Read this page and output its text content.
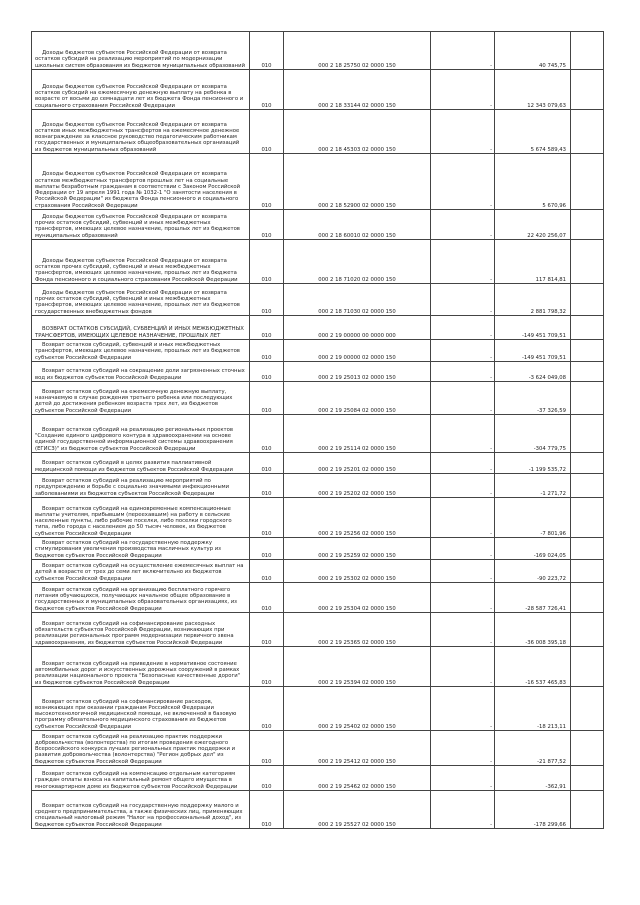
Доходы бюджетов субъектов Российской Федерации от возврата остатков субсидий на реализацию мероприятий по модернизации школьных систем образования из бюджетов муниципальных образований	010	000 2 18 25750 02 0000 150	-	40 745,75	
Доходы бюджетов субъектов Российской Федерации от возврата остатков субсидий на ежемесячную денежную выплату на ребенка в возрасте от восьми до семнадцати лет из бюджета Фонда пенсионного и социального страхования Российской Федерации	010	000 2 18 33144 02 0000 150	-	12 343 079,63	
Доходы бюджетов субъектов Российской Федерации от возврата остатков иных межбюджетных трансфертов на ежемесячное денежное вознаграждение за классное руководство педагогическим работникам государственных и муниципальных общеобразовательных организаций из бюджетов муниципальных образований	010	000 2 18 45303 02 0000 150	-	5 674 589,43	
Доходы бюджетов субъектов Российской Федерации от возврата остатков межбюджетных трансфертов прошлых лет на социальные выплаты безработным гражданам в соответствии с Законом Российской Федерации от 19 апреля 1991 года № 1032-1 "О занятости населения в Российской Федерации" из бюджета Фонда пенсионного и социального страхования Российской Федерации	010	000 2 18 52900 02 0000 150	-	5 670,96	
Доходы бюджетов субъектов Российской Федерации от возврата прочих остатков субсидий, субвенций и иных межбюджетных трансфертов, имеющих целевое назначение, прошлых лет из бюджетов муниципальных образований	010	000 2 18 60010 02 0000 150	-	22 420 256,07	
Доходы бюджетов субъектов Российской Федерации от возврата остатков прочих субсидий, субвенций и иных межбюджетных трансфертов, имеющих целевое назначение, прошлых лет из бюджета Фонда пенсионного и социального страхования Российской Федерации	010	000 2 18 71020 02 0000 150	-	117 814,81	
Доходы бюджетов субъектов Российской Федерации от возврата прочих остатков субсидий, субвенций и иных межбюджетных трансфертов, имеющих целевое назначение, прошлых лет из бюджетов государственных внебюджетных фондов	010	000 2 18 71030 02 0000 150	-	2 881 798,32	
ВОЗВРАТ ОСТАТКОВ СУБСИДИЙ, СУБВЕНЦИЙ И ИНЫХ МЕЖБЮДЖЕТНЫХ ТРАНСФЕРТОВ, ИМЕЮЩИХ ЦЕЛЕВОЕ НАЗНАЧЕНИЕ, ПРОШЛЫХ ЛЕТ	010	000 2 19 00000 00 0000 000	-	-149 451 709,51	
Возврат остатков субсидий, субвенций и иных межбюджетных трансфертов, имеющих целевое назначение, прошлых лет из бюджетов субъектов Российской Федерации	010	000 2 19 00000 02 0000 150	-	-149 451 709,51	
Возврат остатков субсидий на сокращение доли загрязненных сточных вод из бюджетов субъектов Российской Федерации	010	000 2 19 25013 02 0000 150	-	-3 624 049,08	
Возврат остатков субсидий на ежемесячную денежную выплату, назначаемую в случае рождения третьего ребенка или последующих детей до достижения ребенком возраста трех лет, из бюджетов субъектов Российской Федерации	010	000 2 19 25084 02 0000 150	-	-37 326,59	
Возврат остатков субсидий на реализацию региональных проектов "Создание единого цифрового контура в здравоохранении на основе единой государственной информационной системы здравоохранения (ЕГИСЗ)" из бюджетов субъектов Российской Федерации	010	000 2 19 25114 02 0000 150	-	-304 779,75	
Возврат остатков субсидий в целях развития паллиативной медицинской помощи из бюджетов субъектов Российской Федерации	010	000 2 19 25201 02 0000 150	-	-1 199 535,72	
Возврат остатков субсидий на реализацию мероприятий по предупреждению и борьбе с социально значимыми инфекционными заболеваниями из бюджетов субъектов Российской Федерации	010	000 2 19 25202 02 0000 150	-	-1 271,72	
Возврат остатков субсидий на единовременные компенсационные выплаты учителям, прибывшим (переехавшим) на работу в сельские населенные пункты, либо рабочие поселки, либо поселки городского типа, либо города с населением до 50 тысяч человек, из бюджетов субъектов Российской Федерации	010	000 2 19 25256 02 0000 150	-	-7 801,96	
Возврат остатков субсидий на государственную поддержку стимулирования увеличения производства масличных культур из бюджетов субъектов Российской Федерации	010	000 2 19 25259 02 0000 150	-	-169 024,05	
Возврат остатков субсидий на осуществление ежемесячных выплат на детей в возрасте от трех до семи лет включительно из бюджетов субъектов Российской Федерации	010	000 2 19 25302 02 0000 150	-	-90 223,72	
Возврат остатков субсидий на организацию бесплатного горячего питания обучающихся, получающих начальное общее образование в государственных и муниципальных образовательных организациях, из бюджетов субъектов Российской Федерации	010	000 2 19 25304 02 0000 150	-	-28 587 726,41	
Возврат остатков субсидий на софинансирование расходных обязательств субъектов Российской Федерации, возникающих при реализации региональных программ модернизации первичного звена здравоохранения, из бюджетов субъектов Российской Федерации	010	000 2 19 25365 02 0000 150	-	-36 008 395,18	
Возврат остатков субсидий на приведение в нормативное состояние автомобильных дорог и искусственных дорожных сооружений в рамках реализации национального проекта "Безопасные качественные дороги" из бюджетов субъектов Российской Федерации	010	000 2 19 25394 02 0000 150	-	-16 537 465,83	
Возврат остатков субсидий на софинансирование расходов, возникающих при оказании гражданам Российской Федерации высокотехнологичной медицинской помощи, не включенной в базовую программу обязательного медицинского страхования из бюджетов субъектов Российской Федерации	010	000 2 19 25402 02 0000 150	-	-18 213,11	
Возврат остатков субсидий на реализацию практик поддержки добровольчества (волонтерства) по итогам проведения ежегодного Всероссийского конкурса лучших региональных практик поддержки и развития добровольчества (волонтерства) "Регион добрых дел" из бюджетов субъектов Российской Федерации	010	000 2 19 25412 02 0000 150	-	-21 877,52	
Возврат остатков субсидий на компенсацию отдельным категориям граждан оплаты взноса на капитальный ремонт общего имущества в многоквартирном доме из бюджетов субъектов Российской Федерации	010	000 2 19 25462 02 0000 150	-	-362,91	
Возврат остатков субсидий на государственную поддержку малого и среднего предпринимательства, а также физических лиц, применяющих специальный налоговый режим "Налог на профессиональный доход", из бюджетов субъектов Российской Федерации	010	000 2 19 25527 02 0000 150	-	-178 299,66	
